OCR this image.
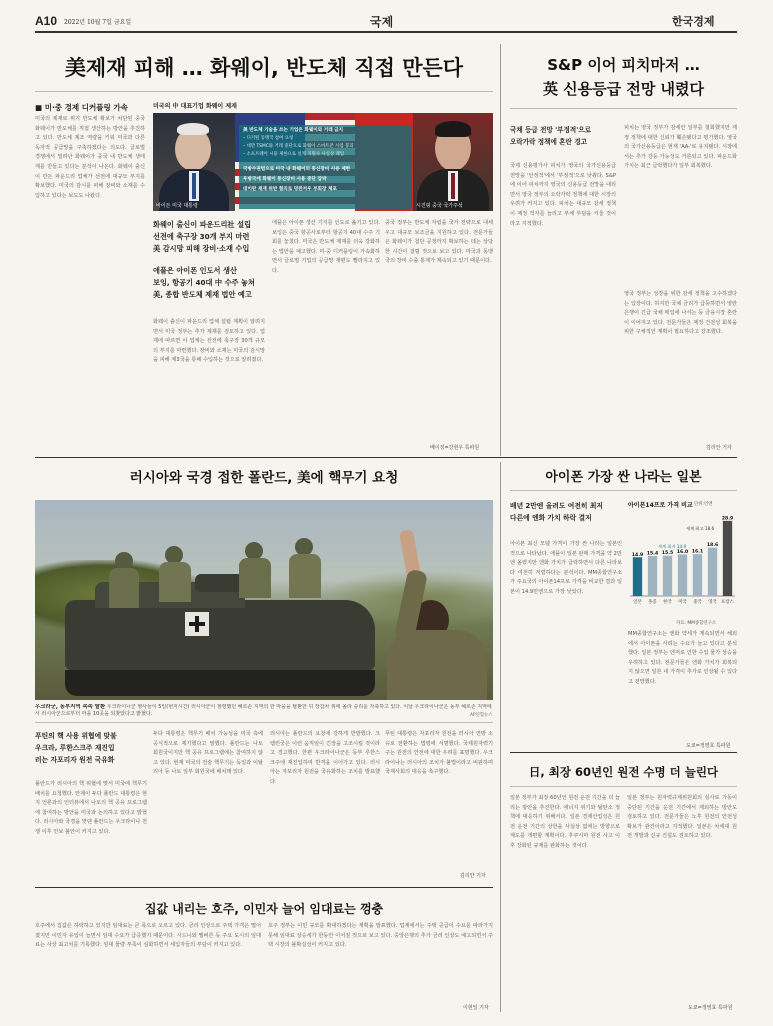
A10 2022년 10월 7일 금요일	국제	한국경제
美제재 피해 … 화웨이, 반도체 직접 만든다
■ 미·중 경제 디커플링 가속	미국의 中 대표기업 화웨이 제재
바이든 미국 대통령
美 반도체 기술을 쓰는 기업은 화웨이와 거래 금지
– 디지털 동맹국 참여 요청
– 대만 TSMC와 거래 중단으로 화웨이 스마트폰 사업 붕괴
– 소프트웨어 시용 제한으로 설계 지원사 사실상 폐업
국방수권법으로 미국 내 화웨이의 통신장비 사용 제한
우방국에 화웨이 통신장비 사용 중단 압박
대이란 제재 위반 혐의로 멍완저우 부회장 체포
시진핑 중국 국가주석
미국의 제재로 위기 반도체 확보가 차단된 중국 화웨이가 반도체를 직접 생산하는 방안을 추진하고 있다. 반도체 제조 역량을 키워 미국과 다른 독자적 공급망을 구축하겠다는 의도다. 글로벌 경쟁에서 밀려난 화웨이가 중국 내 반도체 생태계를 만들고 있다는 분석이 나온다. 화웨이 출신이 만든 파운드리 업체가 선전에 대규모 부지를 확보했다. 미국의 감시를 피해 장비와 소재를 수입하고 있다는 보도도 나왔다.
화웨이 출신이 파운드리社 설립
선전에 축구장 30개 부지 마련
美 감시망 피해 장비·소재 수입
애플은 아이폰 인도서 생산
보잉, 항공기 40대 中 수주 놓쳐
美, 종합 반도체 제재 법안 예고
화웨이 출신이 파운드리 업체 설립 계획이 알려지면서 미국 정부는 추가 제재를 검토하고 있다. 업계에 따르면 이 업체는 선전에 축구장 30개 규모의 부지를 마련했다. 장비와 소재는 미국의 감시망을 피해 제3국을 통해 수입하는 것으로 알려졌다.
애플은 아이폰 생산 기지를 인도로 옮기고 있다. 보잉은 중국 항공사로부터 항공기 40대 수주 기회를 놓쳤다. 미국은 반도체 제재를 더욱 강화하는 법안을 예고했다. 미·중 디커플링이 가속화하면서 글로벌 기업의 공급망 재편도 빨라지고 있다.
중국 정부는 반도체 자립을 국가 전략으로 내세우고 대규모 보조금을 지원하고 있다. 전문가들은 화웨이가 첨단 공정까지 확보하는 데는 상당한 시간이 걸릴 것으로 보고 있다. 미국과 동맹국의 장비 수출 통제가 계속되고 있기 때문이다.
베이징=강현우 특파원
S&P 이어 피치마저 …
英 신용등급 전망 내렸다
국채 등급 전망 '부정적'으로
오락가락 정책에 혼란 경고
국제 신용평가사 피치가 영국의 국가신용등급 전망을 '안정적'에서 '부정적'으로 낮췄다. S&P에 이어 피치까지 영국의 신용등급 전망을 내리면서 영국 정부의 오락가락 정책에 대한 시장의 우려가 커지고 있다. 피치는 대규모 감세 정책이 재정 적자를 늘리고 부채 부담을 키울 것이라고 지적했다.
피치는 영국 정부가 감세안 일부를 철회했지만 재정 정책에 대한 신뢰가 훼손됐다고 평가했다. 영국의 국가신용등급은 현재 'AA-'로 유지됐다. 시장에서는 추가 강등 가능성도 거론되고 있다. 파운드화 가치는 최근 급락했다가 일부 회복했다.
영국 정부는 성장을 위한 감세 정책을 고수하겠다는 입장이다. 하지만 국채 금리가 급등하면서 영란은행이 긴급 국채 매입에 나서는 등 금융시장 혼란이 이어지고 있다. 전문가들은 재정 건전성 회복을 위한 구체적인 계획이 필요하다고 강조했다.
김리안 기자
러시아와 국경 접한 폴란드, 美에 핵무기 요청
우크라군, 동부지역 속속 탈환 우크라이나군 병사들이 5일(현지시간) 러시아군이 점령했던 헤르손 지역의 한 마을을 탈환한 뒤 장갑차 위에 올라 승리를 자축하고 있다. 이날 우크라이나군은 동부 헤르손 지역에서 러시아군으로부터 마을 10곳을 되찾았다고 밝혔다.	AP연합뉴스
푸틴의 핵 사용 위협에 맞불
우크라, 루한스크주 재진입
러는 자포리자 원전 국유화
폴란드가 러시아의 핵 위협에 맞서 미국에 핵무기 배치를 요청했다. 안제이 두다 폴란드 대통령은 현지 언론과의 인터뷰에서 나토의 핵 공유 프로그램에 참여하는 방안을 미국과 논의하고 있다고 밝혔다. 러시아와 국경을 맞댄 폴란드는 우크라이나 전쟁 이후 안보 불안이 커지고 있다.
두다 대통령은 핵무기 배치 가능성을 미국 측에 공식적으로 제기했다고 말했다. 폴란드는 나토 회원국이지만 핵 공유 프로그램에는 참여하지 않고 있다. 현재 미국의 전술 핵무기는 독일과 이탈리아 등 나토 일부 회원국에 배치돼 있다.
러시아는 폴란드의 요청에 강하게 반발했다. 크렘린궁은 이런 움직임이 긴장을 고조시킬 것이라고 경고했다. 한편 우크라이나군은 동부 루한스크주에 재진입하며 반격을 이어가고 있다. 러시아는 자포리자 원전을 국유화하는 조치를 발표했다.
푸틴 대통령은 자포리자 원전을 러시아 연방 소유로 전환하는 법령에 서명했다. 국제원자력기구는 원전의 안전에 대한 우려를 표명했다. 우크라이나는 러시아의 조치가 불법이라고 비판하며 국제사회의 대응을 촉구했다.
김리안 기자
집값 내리는 호주, 이민자 늘어 임대료는 껑충
호주에서 집값은 하락하고 있지만 임대료는 큰 폭으로 오르고 있다. 금리 인상으로 주택 가격은 떨어졌지만 이민자 유입이 늘면서 임대 수요가 급증했기 때문이다. 시드니와 멜버른 등 주요 도시의 임대료는 사상 최고치를 기록했다. 임대 물량 부족이 심화하면서 세입자들의 부담이 커지고 있다.
호주 정부는 이민 규모를 확대하겠다는 계획을 발표했다. 업계에서는 주택 공급이 수요를 따라가지 못해 임대료 상승세가 한동안 이어질 것으로 보고 있다. 중앙은행의 추가 금리 인상도 예고되면서 주택 시장의 불확실성이 커지고 있다.
이현일 기자
아이폰 가장 싼 나라는 일본
배년 2만엔 올려도 여전히 최저
다른에 엔화 가치 하락 결저
아이폰 최신 모델 가격이 가장 싼 나라는 일본인 것으로 나타났다. 애플이 일본 판매 가격을 약 2만엔 올렸지만 엔화 가치가 급락하면서 다른 나라보다 여전히 저렴하다는 분석이다. MM종합연구소가 주요국의 아이폰14프로 가격을 비교한 결과 일본이 14.9만엔으로 가장 낮았다.
아이폰14프로 가격 비교 단위:만엔
14.9
일본
15.4
홍콩
15.5
한국
16.0
미국
16.1
중국
18.6
영국
28.9
프랑스
세계 최고 18.6
세계 최저 14.9
자료: MM종합연구소
MM종합연구소는 엔화 약세가 계속되면서 해외에서 아이폰을 사려는 수요가 늘고 있다고 분석했다. 일본 정부는 엔저로 인한 수입 물가 상승을 우려하고 있다. 전문가들은 엔화 가치가 회복되지 않으면 일본 내 가격이 추가로 인상될 수 있다고 전망했다.
도쿄=정영효 특파원
日, 최장 60년인 원전 수명 더 늘린다
일본 정부가 최장 60년인 원전 운전 기간을 더 늘리는 방안을 추진한다. 에너지 위기와 탈탄소 정책에 대응하기 위해서다. 일본 경제산업성은 원전 운전 기간의 상한을 사실상 없애는 방향으로 제도를 개편할 계획이다. 후쿠시마 원전 사고 이후 강화된 규제를 완화하는 것이다.
일본 정부는 원자력규제위원회의 심사로 가동이 중단된 기간을 운전 기간에서 제외하는 방안도 검토하고 있다. 전문가들은 노후 원전의 안전성 확보가 관건이라고 지적했다. 일본은 차세대 원전 개발과 신규 건설도 검토하고 있다.
도쿄=정영효 특파원
